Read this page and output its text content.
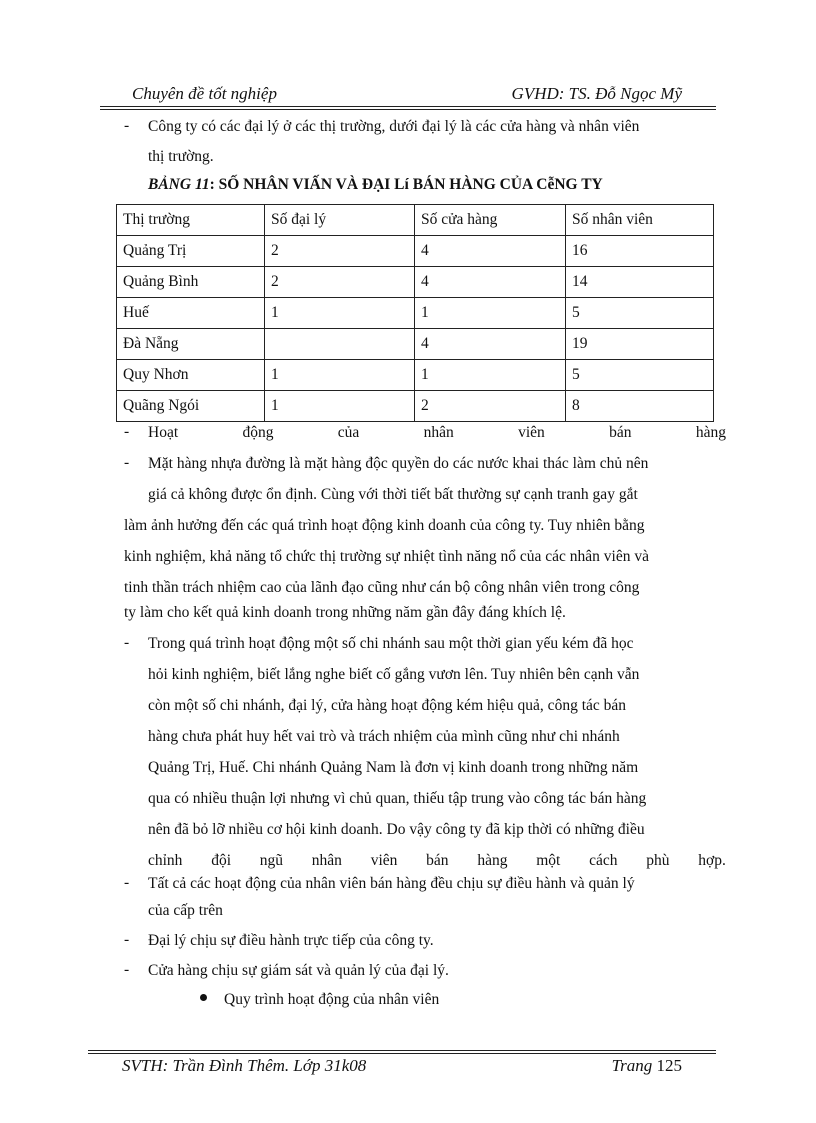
Chuyên đề tốt nghiệp	GVHD: TS. Đỗ Ngọc Mỹ
- Công ty có các đại lý ở các thị trường, dưới đại lý là các cửa hàng và nhân viên
thị trường.
BẢNG 11: SỐ NHÂN VIẤN VÀ ĐẠI Lí BÁN HÀNG CỦA CễNG TY
Thị trường	Số đại lý	Số cửa hàng	Số nhân viên
Quảng Trị	2	4	16
Quảng Bình	2	4	14
Huế	1	1	5
Đà Nẵng		4	19
Quy Nhơn	1	1	5
Quãng Ngói	1	2	8
- Hoạt	động	của	nhân	viên	bán	hàng
- Mặt hàng nhựa đường là mặt hàng độc quyền do các nước khai thác làm chủ nên
giá cả không được ổn định. Cùng với thời tiết bất thường sự cạnh tranh gay gắt
làm ảnh hưởng đến các quá trình hoạt động kinh doanh của công ty. Tuy nhiên bằng
kinh nghiệm, khả năng tổ chức thị trường sự nhiệt tình năng nổ của các nhân viên và
tinh thần trách nhiệm cao của lãnh đạo cũng như cán bộ công nhân viên trong công
ty làm cho kết quả kinh doanh trong những năm gần đây đáng khích lệ.
- Trong quá trình hoạt động một số chi nhánh sau một thời gian yếu kém đã học
hỏi kinh nghiệm, biết lắng nghe biết cố gắng vươn lên. Tuy nhiên bên cạnh vẫn
còn một số chi nhánh, đại lý, cửa hàng hoạt động kém hiệu quả, công tác bán
hàng chưa phát huy hết vai trò và trách nhiệm của mình cũng như chi nhánh
Quảng Trị, Huế. Chi nhánh Quảng Nam là đơn vị kinh doanh trong những năm
qua có nhiều thuận lợi nhưng vì chủ quan, thiếu tập trung vào công tác bán hàng
nên đã bỏ lỡ nhiều cơ hội kinh doanh. Do vậy công ty đã kịp thời có những điều
chỉnh đội ngũ nhân viên bán hàng một cách phù hợp.
- Tất cả các hoạt động của nhân viên bán hàng đều chịu sự điều hành và quản lý
của cấp trên
- Đại lý chịu sự điều hành trực tiếp của công ty.
- Cửa hàng chịu sự giám sát và quản lý của đại lý.
Quy trình hoạt động của nhân viên
SVTH: Trần Đình Thêm. Lớp 31k08	Trang 125
